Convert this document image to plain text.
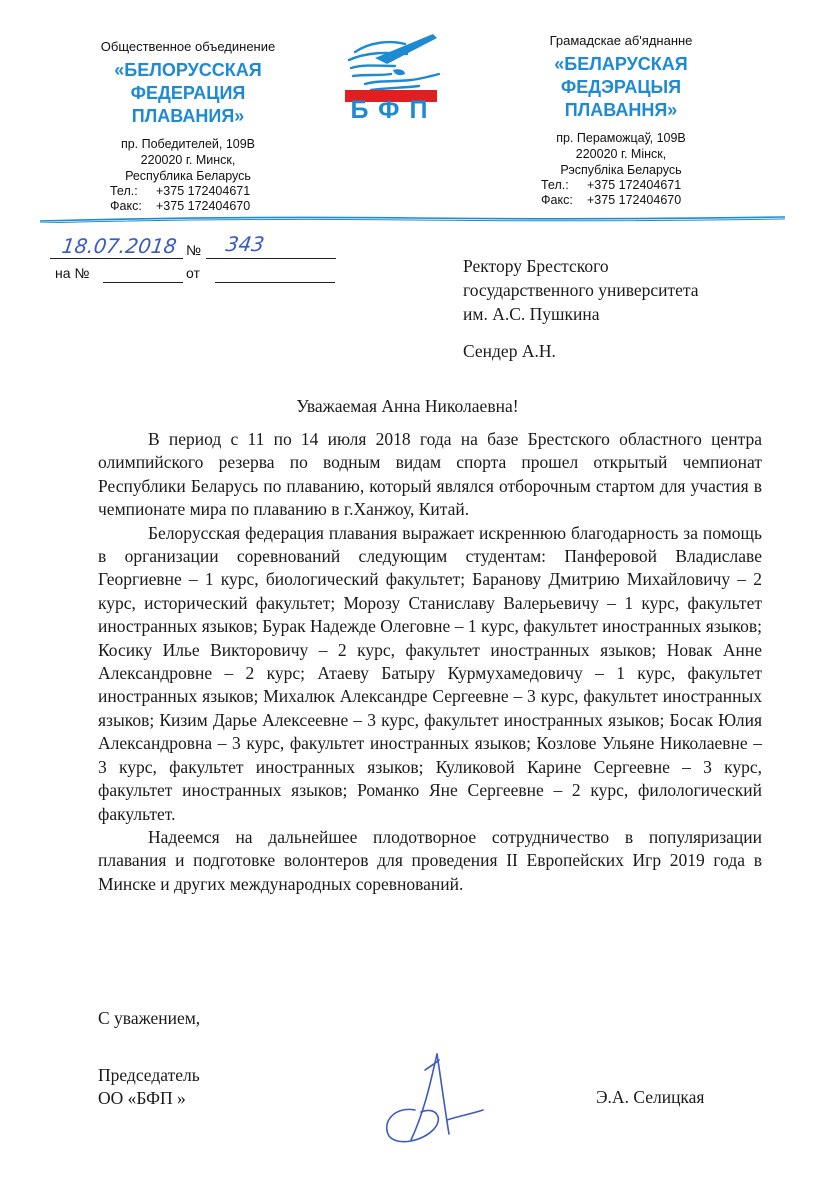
Общественное объединение
«БЕЛОРУССКАЯ
ФЕДЕРАЦИЯ
ПЛАВАНИЯ»
пр. Победителей, 109В
220020 г. Минск,
Республика Беларусь
Тел.: +375 172404671
Факс: +375 172404670
БФП
Грамадскае аб'яднанне
«БЕЛАРУСКАЯ
ФЕДЭРАЦЫЯ
ПЛАВАННЯ»
пр. Пераможцаў, 109В
220020 г. Мінск,
Рэспубліка Беларусь
Тел.: +375 172404671
Факс: +375 172404670
18.07.2018 № 343
на №	от	Ректору Брестского
государственного университета
им. А.С. Пушкина
Сендер А.Н.
Уважаемая Анна Николаевна!

В период с 11 по 14 июля 2018 года на базе Брестского областного центра олимпийского резерва по водным видам спорта прошел открытый чемпионат Республики Беларусь по плаванию, который являлся отборочным стартом для участия в чемпионате мира по плаванию в г.Ханжоу, Китай.

Белорусская федерация плавания выражает искреннюю благодарность за помощь в организации соревнований следующим студентам: Панферовой Владиславе Георгиевне – 1 курс, биологический факультет; Баранову Дмитрию Михайловичу – 2 курс, исторический факультет; Морозу Станиславу Валерьевичу – 1 курс, факультет иностранных языков; Бурак Надежде Олеговне – 1 курс, факультет иностранных языков; Косику Илье Викторовичу – 2 курс, факультет иностранных языков; Новак Анне Александровне – 2 курс; Атаеву Батыру Курмухамедовичу – 1 курс, факультет иностранных языков; Михалюк Александре Сергеевне – 3 курс, факультет иностранных языков; Кизим Дарье Алексеевне – 3 курс, факультет иностранных языков; Босак Юлия Александровна – 3 курс, факультет иностранных языков; Козлове Ульяне Николаевне – 3 курс, факультет иностранных языков; Куликовой Карине Сергеевне – 3 курс, факультет иностранных языков; Романко Яне Сергеевне – 2 курс, филологический факультет.

Надеемся на дальнейшее плодотворное сотрудничество в популяризации плавания и подготовке волонтеров для проведения II Европейских Игр 2019 года в Минске и других международных соревнований.

С уважением,
Председатель
ОО «БФП »	Э.А. Селицкая
